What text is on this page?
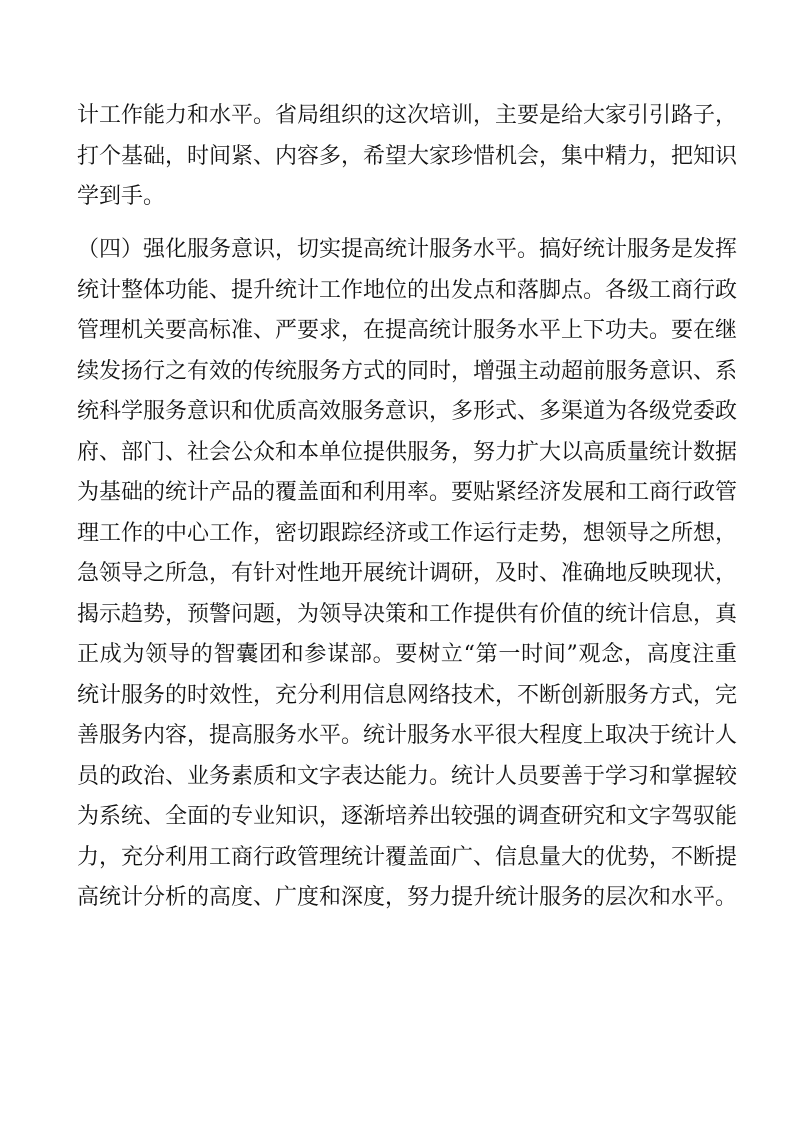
计工作能力和水平。省局组织的这次培训，主要是给大家引引路子，
打个基础，时间紧、内容多，希望大家珍惜机会，集中精力，把知识
学到手。
（四）强化服务意识，切实提高统计服务水平。搞好统计服务是发挥
统计整体功能、提升统计工作地位的出发点和落脚点。各级工商行政
管理机关要高标准、严要求，在提高统计服务水平上下功夫。要在继
续发扬行之有效的传统服务方式的同时，增强主动超前服务意识、系
统科学服务意识和优质高效服务意识，多形式、多渠道为各级党委政
府、部门、社会公众和本单位提供服务，努力扩大以高质量统计数据
为基础的统计产品的覆盖面和利用率。要贴紧经济发展和工商行政管
理工作的中心工作，密切跟踪经济或工作运行走势，想领导之所想，
急领导之所急，有针对性地开展统计调研，及时、准确地反映现状，
揭示趋势，预警问题，为领导决策和工作提供有价值的统计信息，真
正成为领导的智囊团和参谋部。要树立“第一时间”观念，高度注重
统计服务的时效性，充分利用信息网络技术，不断创新服务方式，完
善服务内容，提高服务水平。统计服务水平很大程度上取决于统计人
员的政治、业务素质和文字表达能力。统计人员要善于学习和掌握较
为系统、全面的专业知识，逐渐培养出较强的调查研究和文字驾驭能
力，充分利用工商行政管理统计覆盖面广、信息量大的优势，不断提
高统计分析的高度、广度和深度，努力提升统计服务的层次和水平。
